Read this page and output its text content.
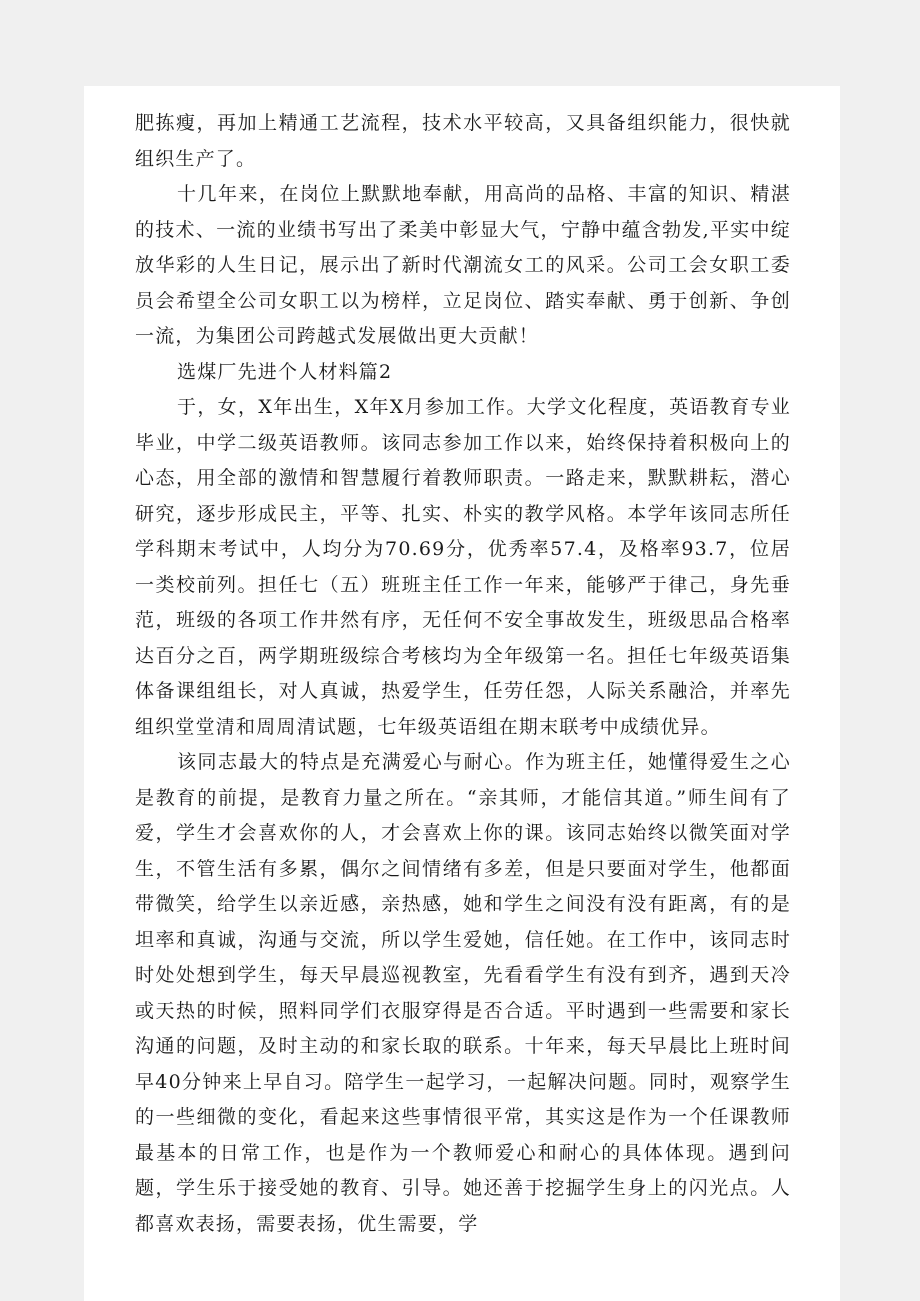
肥拣瘦，再加上精通工艺流程，技术水平较高，又具备组织能力，很快就组织生产了。

十几年来，在岗位上默默地奉献，用高尚的品格、丰富的知识、精湛的技术、一流的业绩书写出了柔美中彰显大气，宁静中蕴含勃发,平实中绽放华彩的人生日记，展示出了新时代潮流女工的风采。公司工会女职工委员会希望全公司女职工以为榜样，立足岗位、踏实奉献、勇于创新、争创一流，为集团公司跨越式发展做出更大贡献！

选煤厂先进个人材料篇2

于，女，X年出生，X年X月参加工作。大学文化程度，英语教育专业毕业，中学二级英语教师。该同志参加工作以来，始终保持着积极向上的心态，用全部的激情和智慧履行着教师职责。一路走来，默默耕耘，潜心研究，逐步形成民主，平等、扎实、朴实的教学风格。本学年该同志所任学科期末考试中，人均分为70.69分，优秀率57.4，及格率93.7，位居一类校前列。担任七（五）班班主任工作一年来，能够严于律己，身先垂范，班级的各项工作井然有序，无任何不安全事故发生，班级思品合格率达百分之百，两学期班级综合考核均为全年级第一名。担任七年级英语集体备课组组长，对人真诚，热爱学生，任劳任怨，人际关系融洽，并率先组织堂堂清和周周清试题，七年级英语组在期末联考中成绩优异。

该同志最大的特点是充满爱心与耐心。作为班主任，她懂得爱生之心是教育的前提，是教育力量之所在。“亲其师，才能信其道。”师生间有了爱，学生才会喜欢你的人，才会喜欢上你的课。该同志始终以微笑面对学生，不管生活有多累，偶尔之间情绪有多差，但是只要面对学生，他都面带微笑，给学生以亲近感，亲热感，她和学生之间没有没有距离，有的是坦率和真诚，沟通与交流，所以学生爱她，信任她。在工作中，该同志时时处处想到学生，每天早晨巡视教室，先看看学生有没有到齐，遇到天冷或天热的时候，照料同学们衣服穿得是否合适。平时遇到一些需要和家长沟通的问题，及时主动的和家长取的联系。十年来，每天早晨比上班时间早40分钟来上早自习。陪学生一起学习，一起解决问题。同时，观察学生的一些细微的变化，看起来这些事情很平常，其实这是作为一个任课教师最基本的日常工作，也是作为一个教师爱心和耐心的具体体现。遇到问题，学生乐于接受她的教育、引导。她还善于挖掘学生身上的闪光点。人都喜欢表扬，需要表扬，优生需要，学
